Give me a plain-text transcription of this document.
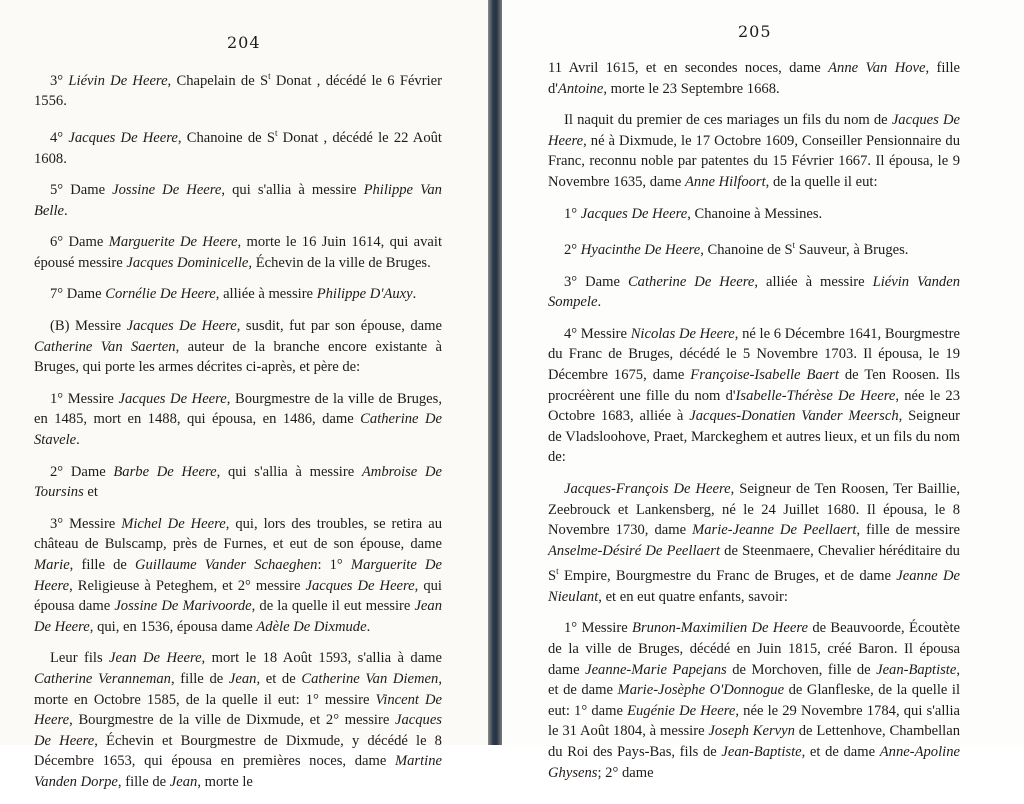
204

3° Liévin De Heere, Chapelain de $S^t$ Donat , décédé le 6 Février 1556.

4° Jacques De Heere, Chanoine de $S^t$ Donat , décédé le 22 Août 1608.

5° Dame Jossine De Heere, qui s'allia à messire Philippe Van Belle.

6° Dame Marguerite De Heere, morte le 16 Juin 1614, qui avait épousé messire Jacques Dominicelle, Échevin de la ville de Bruges.

7° Dame Cornélie De Heere, alliée à messire Philippe D'Auxy.

(B) Messire Jacques De Heere, susdit, fut par son épouse, dame Catherine Van Saerten, auteur de la branche encore existante à Bruges, qui porte les armes décrites ci-après, et père de:

1° Messire Jacques De Heere, Bourgmestre de la ville de Bruges, en 1485, mort en 1488, qui épousa, en 1486, dame Catherine De Stavele.

2° Dame Barbe De Heere, qui s'allia à messire Ambroise De Toursins et

3° Messire Michel De Heere, qui, lors des troubles, se retira au château de Bulscamp, près de Furnes, et eut de son épouse, dame Marie, fille de Guillaume Vander Schaeghen: 1° Marguerite De Heere, Religieuse à Peteghem, et 2° messire Jacques De Heere, qui épousa dame Jossine De Marivoorde, de la quelle il eut messire Jean De Heere, qui, en 1536, épousa dame Adèle De Dixmude.

Leur fils Jean De Heere, mort le 18 Août 1593, s'allia à dame Catherine Veranneman, fille de Jean, et de Catherine Van Diemen, morte en Octobre 1585, de la quelle il eut: 1° messire Vincent De Heere, Bourgmestre de la ville de Dixmude, et 2° messire Jacques De Heere, Échevin et Bourgmestre de Dixmude, y décédé le 8 Décembre 1653, qui épousa en premières noces, dame Martine Vanden Dorpe, fille de Jean, morte le

205

11 Avril 1615, et en secondes noces, dame Anne Van Hove, fille d'Antoine, morte le 23 Septembre 1668.

Il naquit du premier de ces mariages un fils du nom de Jacques De Heere, né à Dixmude, le 17 Octobre 1609, Conseiller Pensionnaire du Franc, reconnu noble par patentes du 15 Février 1667. Il épousa, le 9 Novembre 1635, dame Anne Hilfoort, de la quelle il eut:

1° Jacques De Heere, Chanoine à Messines.

2° Hyacinthe De Heere, Chanoine de $S^t$ Sauveur, à Bruges.

3° Dame Catherine De Heere, alliée à messire Liévin Vanden Sompele.

4° Messire Nicolas De Heere, né le 6 Décembre 1641, Bourgmestre du Franc de Bruges, décédé le 5 Novembre 1703. Il épousa, le 19 Décembre 1675, dame Françoise-Isabelle Baert de Ten Roosen. Ils procréèrent une fille du nom d'Isabelle-Thérèse De Heere, née le 23 Octobre 1683, alliée à Jacques-Donatien Vander Meersch, Seigneur de Vladsloohove, Praet, Marckeghem et autres lieux, et un fils du nom de:

Jacques-François De Heere, Seigneur de Ten Roosen, Ter Baillie, Zeebrouck et Lankensberg, né le 24 Juillet 1680. Il épousa, le 8 Novembre 1730, dame Marie-Jeanne De Peellaert, fille de messire Anselme-Désiré De Peellaert de Steenmaere, Chevalier héréditaire du $S^t$ Empire, Bourgmestre du Franc de Bruges, et de dame Jeanne De Nieulant, et en eut quatre enfants, savoir:

1° Messire Brunon-Maximilien De Heere de Beauvoorde, Écoutète de la ville de Bruges, décédé en Juin 1815, créé Baron. Il épousa dame Jeanne-Marie Papejans de Morchoven, fille de Jean-Baptiste, et de dame Marie-Josèphe O'Donnogue de Glanfleske, de la quelle il eut: 1° dame Eugénie De Heere, née le 29 Novembre 1784, qui s'allia le 31 Août 1804, à messire Joseph Kervyn de Lettenhove, Chambellan du Roi des Pays-Bas, fils de Jean-Baptiste, et de dame Anne-Apoline Ghysens; 2° dame
